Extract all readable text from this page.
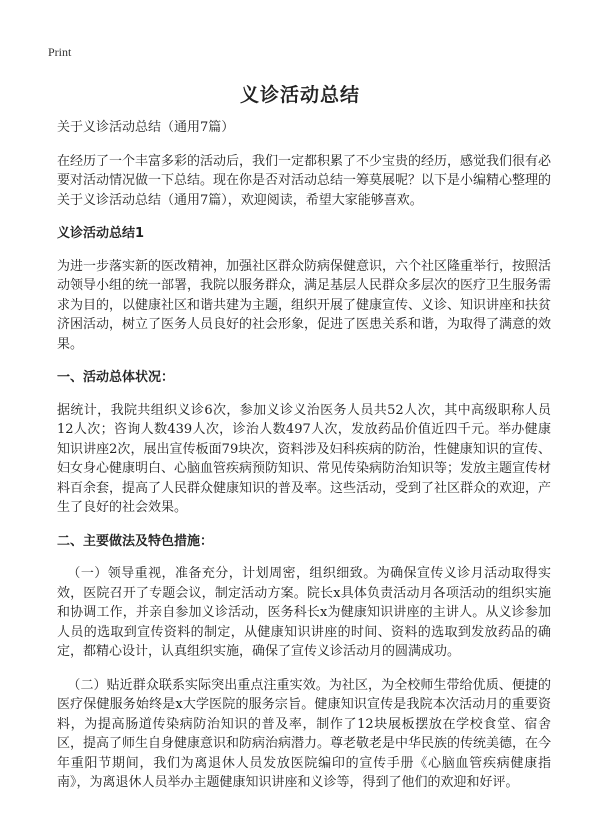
Print
义诊活动总结

关于义诊活动总结（通用7篇）

在经历了一个丰富多彩的活动后，我们一定都积累了不少宝贵的经历，感觉我们很有必要对活动情况做一下总结。现在你是否对活动总结一筹莫展呢？以下是小编精心整理的关于义诊活动总结（通用7篇），欢迎阅读，希望大家能够喜欢。

义诊活动总结1

为进一步落实新的医改精神，加强社区群众防病保健意识，六个社区隆重举行，按照活动领导小组的统一部署，我院以服务群众，满足基层人民群众多层次的医疗卫生服务需求为目的，以健康社区和谐共建为主题，组织开展了健康宣传、义诊、知识讲座和扶贫济困活动，树立了医务人员良好的社会形象，促进了医患关系和谐，为取得了满意的效果。

一、活动总体状况：

据统计，我院共组织义诊6次，参加义诊义治医务人员共52人次，其中高级职称人员12人次；咨询人数439人次，诊治人数497人次，发放药品价值近四千元。举办健康知识讲座2次，展出宣传板面79块次，资料涉及妇科疾病的防治，性健康知识的宣传、妇女身心健康明白、心脑血管疾病预防知识、常见传染病防治知识等；发放主题宣传材料百余套，提高了人民群众健康知识的普及率。这些活动，受到了社区群众的欢迎，产生了良好的社会效果。

二、主要做法及特色措施：

（一）领导重视，准备充分，计划周密，组织细致。为确保宣传义诊月活动取得实效，医院召开了专题会议，制定活动方案。院长x具体负责活动月各项活动的组织实施和协调工作，并亲自参加义诊活动，医务科长x为健康知识讲座的主讲人。从义诊参加人员的选取到宣传资料的制定，从健康知识讲座的时间、资料的选取到发放药品的确定，都精心设计，认真组织实施，确保了宣传义诊活动月的圆满成功。

（二）贴近群众联系实际突出重点注重实效。为社区，为全校师生带给优质、便捷的医疗保健服务始终是x大学医院的服务宗旨。健康知识宣传是我院本次活动月的重要资料，为提高肠道传染病防治知识的普及率，制作了12块展板摆放在学校食堂、宿舍区，提高了师生自身健康意识和防病治病潜力。尊老敬老是中华民族的传统美德，在今年重阳节期间，我们为离退休人员发放医院编印的宣传手册《心脑血管疾病健康指南》，为离退休人员举办主题健康知识讲座和义诊等，得到了他们的欢迎和好评。
